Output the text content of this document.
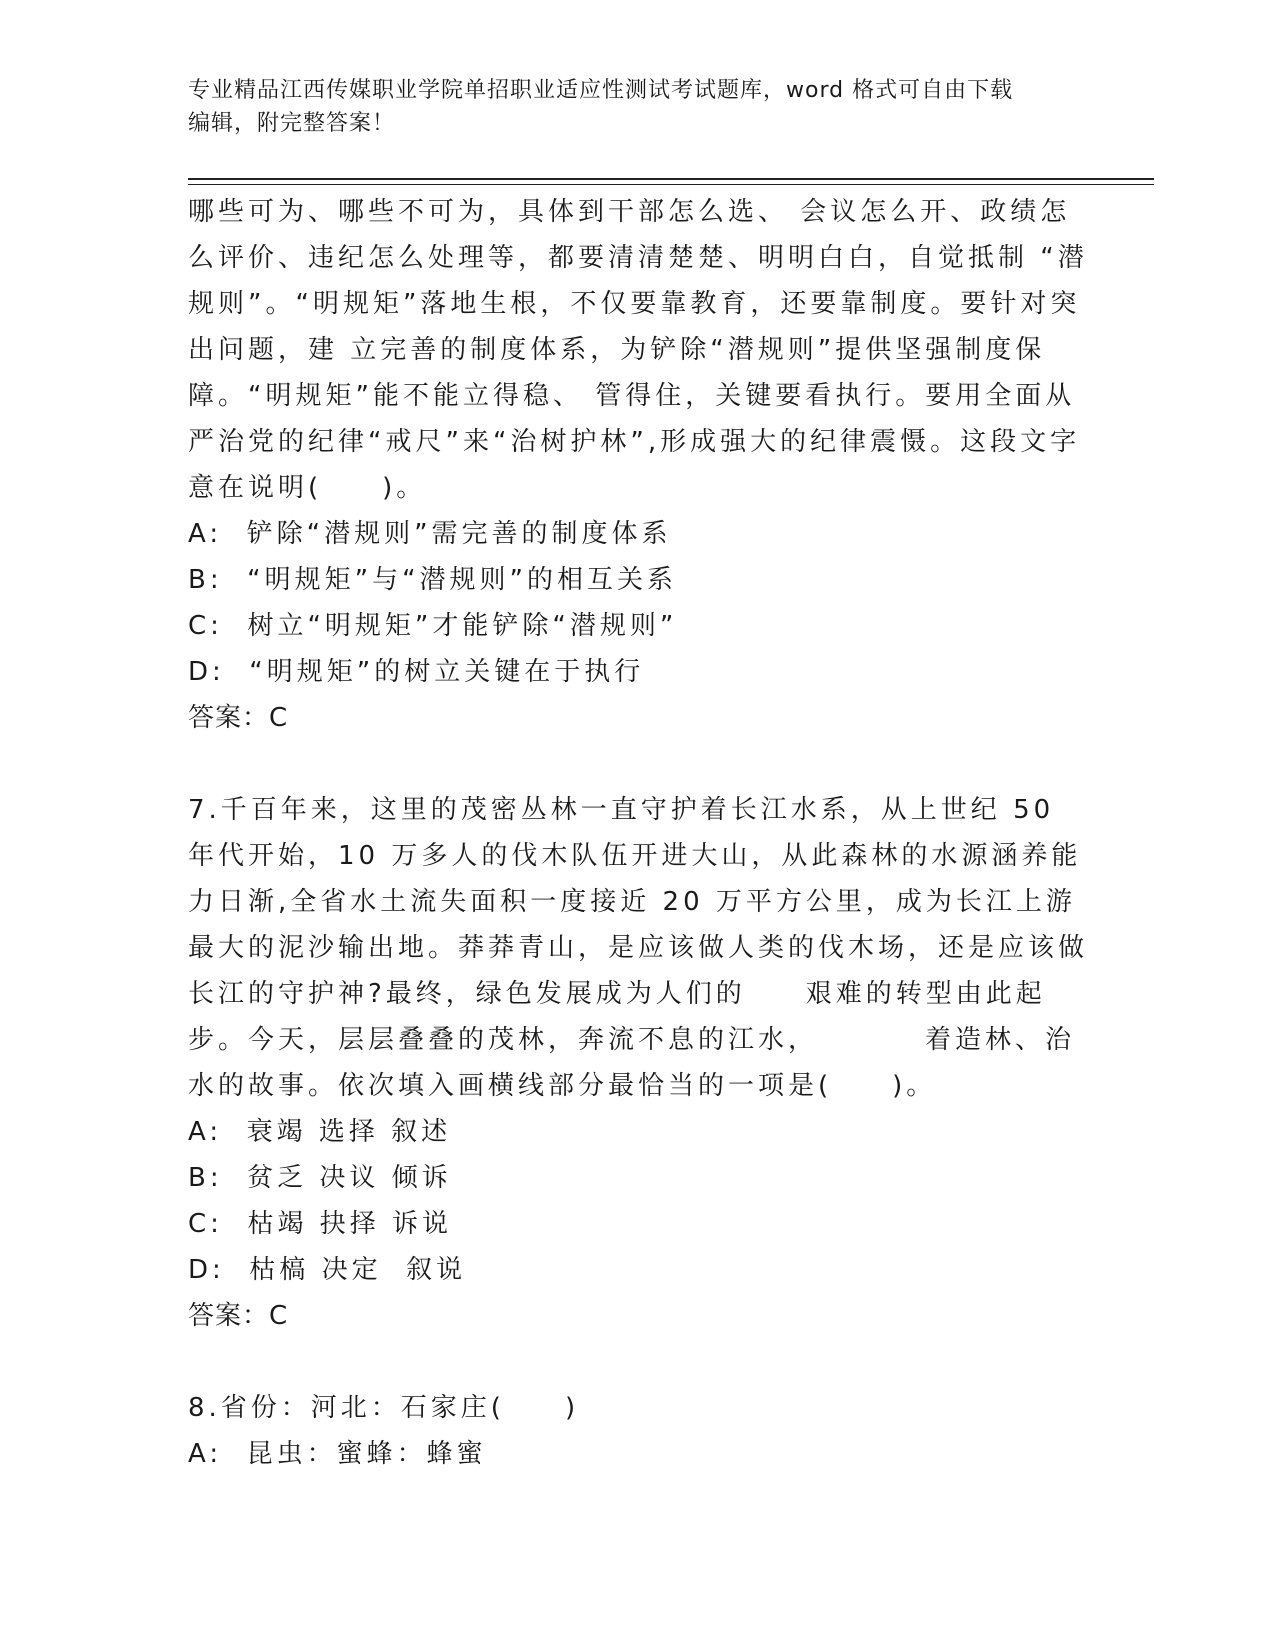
专业精品江西传媒职业学院单招职业适应性测试考试题库，word 格式可自由下载
编辑，附完整答案！
哪些可为、哪些不可为，具体到干部怎么选、 会议怎么开、政绩怎么评价、违纪怎么处理等，都要清清楚楚、明明白白，自觉抵制 “潜规则”。“明规矩”落地生根，不仅要靠教育，还要靠制度。要针对突出问题，建 立完善的制度体系，为铲除“潜规则”提供坚强制度保障。“明规矩”能不能立得稳、 管得住，关键要看执行。要用全面从严治党的纪律“戒尺”来“治树护林”,形成强大的纪律震慑。这段文字意在说明(　　)。
A:  铲除“潜规则”需完善的制度体系
B:  “明规矩”与“潜规则”的相互关系
C:  树立“明规矩”才能铲除“潜规则”
D:  “明规矩”的树立关键在于执行
答案：C
7.千百年来，这里的茂密丛林一直守护着长江水系，从上世纪 50 年代开始，10 万多人的伐木队伍开进大山，从此森林的水源涵养能力日渐,全省水土流失面积一度接近 20 万平方公里，成为长江上游最大的泥沙输出地。莽莽青山，是应该做人类的伐木场，还是应该做长江的守护神?最终，绿色发展成为人们的　　艰难的转型由此起步。今天，层层叠叠的茂林，奔流不息的江水，　　　　着造林、治水的故事。依次填入画横线部分最恰当的一项是(　　)。
A:  衰竭 选择 叙述
B:  贫乏 决议 倾诉
C:  枯竭 抉择 诉说
D:  枯槁 决定  叙说
答案：C
8.省份：河北：石家庄(　　)
A:  昆虫：蜜蜂：蜂蜜
